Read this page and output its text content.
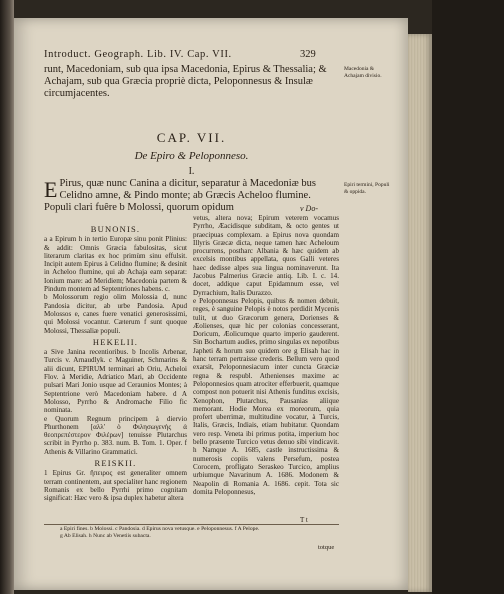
Introduct. Geograph. Lib. IV. Cap. VII.	329
runt, Macedoniam, sub qua ipsa Macedonia, Epirus & Thessalia; & Achajam, sub qua Græcia propriè dicta, Peloponnesus & Insulæ circumjacentes.
Macedonia & Achajam divisio.
CAP. VII.
De Epiro & Peloponneso.
I.
E Pirus, quæ nunc Canina a dicitur, separatur à Macedoniæ bus Celidno amne, & Pindo monte; ab Græcis Acheloo flumine. Populi clari fuêre b Molossi, quorum opidum
Epiri termini, Populi & oppida.
v Do-
BUNONIS.

a a Epirum h in tertio Europæ sinu ponit Plinius: & addit: Omnis Græcia fabulositas, sicut literarum claritas ex hoc primùm sinu effulsit. Incipit autem Epirus à Celidno flumine; & desinit in Acheloo flumine, qui ab Achaja eam separat: Ionium mare: ad Meridiem; Macedonia partem & Pindum montem ad Septentriones habens. c.

b Molossorum regio olim Molossia d, nunc Pandosia dicitur, ab urbe Pandosia. Apud Molossos e, canes fuere venatici generosissimi, qui Molossi vocantur. Cæterum f sunt quoque Molossi, Thessaliæ populi.

HEKELII.

a Sive Janina recentioribus. b Incolis Arbenar, Turcis v. Arnaudlyk. c Maguiner, Schmarins & alii dicunt, EPIRUM terminari ab Oriu, Acheloi Flov. à Meridie, Adriatico Mari, ab Occidente pulsari Mari Jonio usque ad Ceraunios Montes; à Septentrione verò Macedoniam habere. d A Molosso, Pyrrho & Andromache Filio fic nominata.

e Quorum Regnum principem à diervio Phurthonem [αλλ' ὁ Φιλησωγενὴς ἀ θεοπρεπέστερον Φιλέρων] tenuisse Plutarchus scribit in Pyrrho p. 383. num. B. Tom. 1. Oper. f Athenis & Villarino Grammatici.

REISKII.

1 Epirus Gr. ἤπειρος est generaliter omnem terram continentem, aut specialiter hanc regionem Romanis ex bello Pyrrhi primo cognitam significat: Hæc vero & ipsa duplex habetur altera

vetus, altera nova; Epirum veterem vocamus Pyrrho, Æacidisque subditam, & octo gentes ut praecipuas complexam. a Epirus nova quondam Illyris Græcæ dicta, neque tamen hæc Acheloum procurrens, postharc Albania & hæc quidem ab excelsis montibus appellata, quos Galli veteres haec dedisse alpes sua lingua nominaverunt. Ita Jacobus Palmerius Græcie antiq. Lib. I. c. 14. docet, addique caput Epidamnum esse, vel Dyrrachium, Italis Durazzo.

e Peloponnesus Pelopis, quibus & nomen debuit, reges, è sanguine Pelopis è notos perdidit Mycenis tulit, ut duo Græcorum genera, Dorienses & Æolienses, quæ hic per colonias concesserant, Doricum, Æolicumque quarto imperio gauderent. Sin Bochartum audies, primo singulas ex nepotibus Japheti & horum suo quidem ore g Elisah hac in hanc terram pertraisse crederis. Bellum vero quod exarsit, Peloponnesiacum inter cuncta Græciæ regna & respubl. Athenienses maxime ac Peloponnesios quam atrociter efferbuerit, quamque compost non potuerit nisi Athenis funditus excisis, Xenophon, Plutarchus, Pausanias aliique memorant. Hodie Morea ex moreorum, quia profert uberrimæ, multitudine vocatur, à Turcis, Italis, Græcis, Indiais, etiam hubitatur. Quondam vero resp. Veneta ibi primus potita, imperium hoc bello præsente Turcico vetus denuo sibi vindicavit. h Namque A. 1685, castle instructissima & numerosis copiis valens Persefum, postea Corocem, profligato Seraskeo Turcico, amplius urbiumque Navarinum A. 1686. Modonem & Neapolin di Romania A. 1686. cepit. Tota sic domita Peloponnesus,

T t
a Epiri fines. b Molossi. c Pandosia. d Epirus nova vetusque. e Peloponnesus. f A Pelope.
g Ab Elisah. h Nunc ab Venetiis subacta.
totque
